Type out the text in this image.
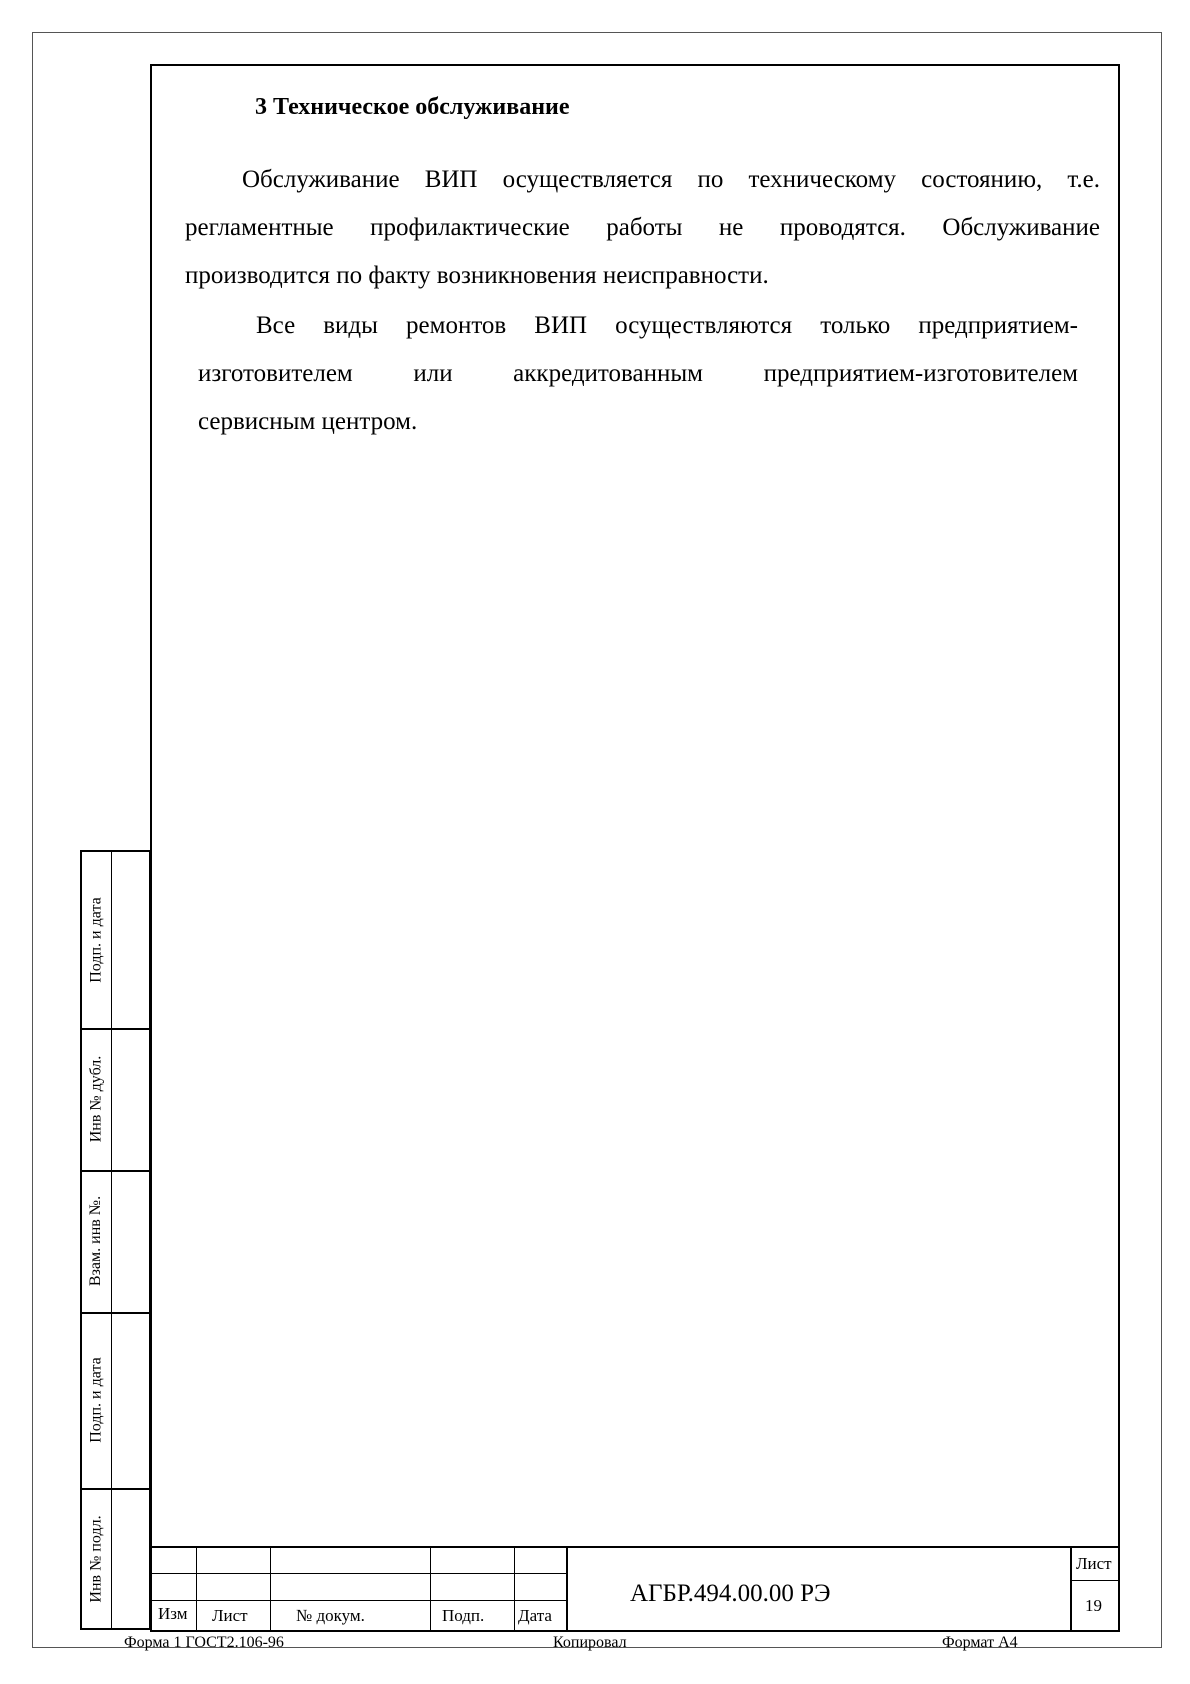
3 Техническое обслуживание
Обслуживание ВИП осуществляется по техническому состоянию, т.е.
регламентные профилактические работы не проводятся. Обслуживание
производится по факту возникновения неисправности.
Все виды ремонтов ВИП осуществляются только предприятием-
изготовителем или аккредитованным предприятием-изготовителем
сервисным центром.
Подп. и дата
Инв № дубл.
Взам. инв №.
Подп. и дата
Инв № подл.
Изм Лист	№ докум.	Подп. Дата
АГБР.494.00.00 РЭ
Лист
19
Форма 1 ГОСТ2.106-96	Копировал	Формат А4
